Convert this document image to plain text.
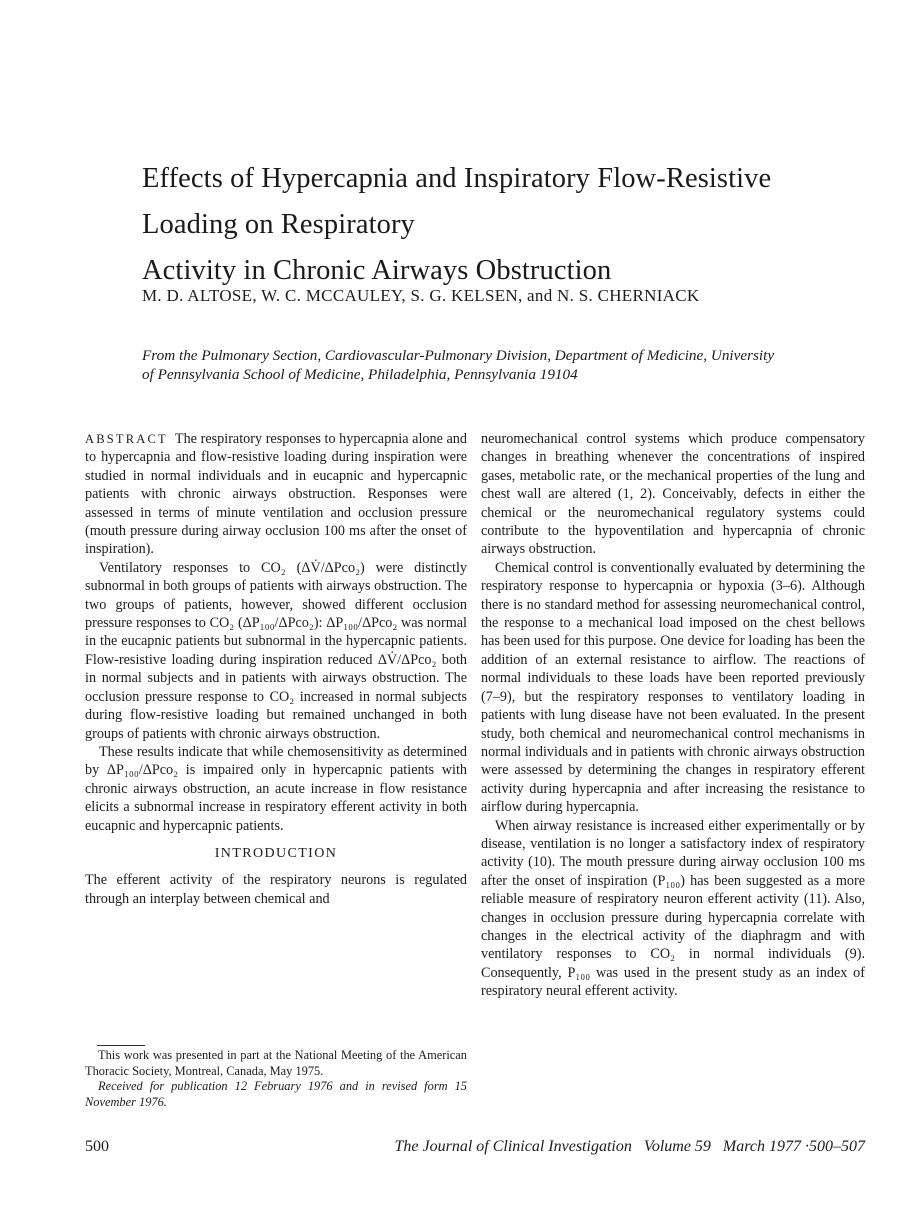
Effects of Hypercapnia and Inspiratory Flow-Resistive
Loading on Respiratory
Activity in Chronic Airways Obstruction
M. D. ALTOSE, W. C. MCCAULEY, S. G. KELSEN, and N. S. CHERNIACK
From the Pulmonary Section, Cardiovascular-Pulmonary Division, Department of Medicine, University
of Pennsylvania School of Medicine, Philadelphia, Pennsylvania 19104

ABSTRACT The respiratory responses to hypercapnia alone and to hypercapnia and flow-resistive loading during inspiration were studied in normal individuals and in eucapnic and hypercapnic patients with chronic airways obstruction. Responses were assessed in terms of minute ventilation and occlusion pressure (mouth pressure during airway occlusion 100 ms after the onset of inspiration).

Ventilatory responses to CO₂ (ΔV̇/ΔPco₂) were distinctly subnormal in both groups of patients with airways obstruction. The two groups of patients, however, showed different occlusion pressure responses to CO₂ (ΔP₁₀₀/ΔPco₂): ΔP₁₀₀/ΔPco₂ was normal in the eucapnic patients but subnormal in the hypercapnic patients. Flow-resistive loading during inspiration reduced ΔV̇/ΔPco₂ both in normal subjects and in patients with airways obstruction. The occlusion pressure response to CO₂ increased in normal subjects during flow-resistive loading but remained unchanged in both groups of patients with chronic airways obstruction.

These results indicate that while chemosensitivity as determined by ΔP₁₀₀/ΔPco₂ is impaired only in hypercapnic patients with chronic airways obstruction, an acute increase in flow resistance elicits a subnormal increase in respiratory efferent activity in both eucapnic and hypercapnic patients.

INTRODUCTION

The efferent activity of the respiratory neurons is regulated through an interplay between chemical and

neuromechanical control systems which produce compensatory changes in breathing whenever the concentrations of inspired gases, metabolic rate, or the mechanical properties of the lung and chest wall are altered (1, 2). Conceivably, defects in either the chemical or the neuromechanical regulatory systems could contribute to the hypoventilation and hypercapnia of chronic airways obstruction.

Chemical control is conventionally evaluated by determining the respiratory response to hypercapnia or hypoxia (3–6). Although there is no standard method for assessing neuromechanical control, the response to a mechanical load imposed on the chest bellows has been used for this purpose. One device for loading has been the addition of an external resistance to airflow. The reactions of normal individuals to these loads have been reported previously (7–9), but the respiratory responses to ventilatory loading in patients with lung disease have not been evaluated. In the present study, both chemical and neuromechanical control mechanisms in normal individuals and in patients with chronic airways obstruction were assessed by determining the changes in respiratory efferent activity during hypercapnia and after increasing the resistance to airflow during hypercapnia.

When airway resistance is increased either experimentally or by disease, ventilation is no longer a satisfactory index of respiratory activity (10). The mouth pressure during airway occlusion 100 ms after the onset of inspiration (P₁₀₀) has been suggested as a more reliable measure of respiratory neuron efferent activity (11). Also, changes in occlusion pressure during hypercapnia correlate with changes in the electrical activity of the diaphragm and with ventilatory responses to CO₂ in normal individuals (9). Consequently, P₁₀₀ was used in the present study as an index of respiratory neural efferent activity.

This work was presented in part at the National Meeting of the American Thoracic Society, Montreal, Canada, May 1975.

Received for publication 12 February 1976 and in revised form 15 November 1976.

500	The Journal of Clinical Investigation   Volume 59   March 1977 ·500–507
